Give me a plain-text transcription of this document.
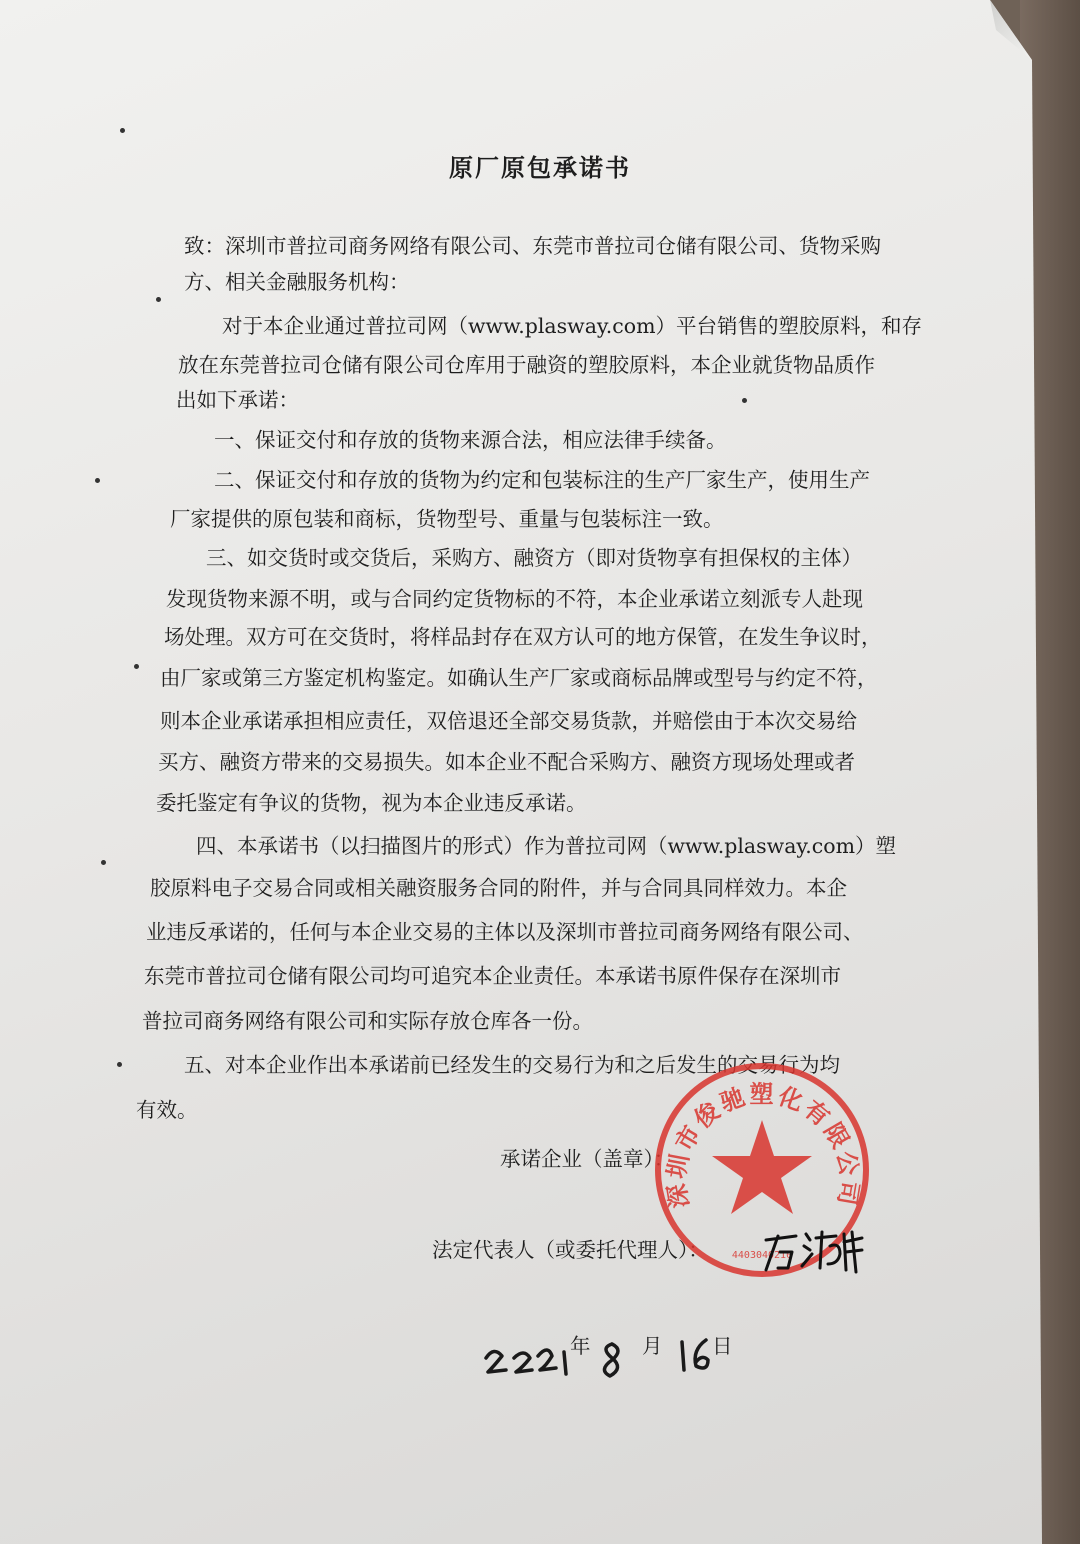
原厂原包承诺书
致：深圳市普拉司商务网络有限公司、东莞市普拉司仓储有限公司、货物采购
方、相关金融服务机构：
对于本企业通过普拉司网（www.plasway.com）平台销售的塑胶原料，和存
放在东莞普拉司仓储有限公司仓库用于融资的塑胶原料，本企业就货物品质作
出如下承诺：
一、保证交付和存放的货物来源合法，相应法律手续备。
二、保证交付和存放的货物为约定和包装标注的生产厂家生产，使用生产
厂家提供的原包装和商标，货物型号、重量与包装标注一致。
三、如交货时或交货后，采购方、融资方（即对货物享有担保权的主体）
发现货物来源不明，或与合同约定货物标的不符，本企业承诺立刻派专人赴现
场处理。双方可在交货时，将样品封存在双方认可的地方保管，在发生争议时，
由厂家或第三方鉴定机构鉴定。如确认生产厂家或商标品牌或型号与约定不符，
则本企业承诺承担相应责任，双倍退还全部交易货款，并赔偿由于本次交易给
买方、融资方带来的交易损失。如本企业不配合采购方、融资方现场处理或者
委托鉴定有争议的货物，视为本企业违反承诺。
四、本承诺书（以扫描图片的形式）作为普拉司网（www.plasway.com）塑
胶原料电子交易合同或相关融资服务合同的附件，并与合同具同样效力。本企
业违反承诺的，任何与本企业交易的主体以及深圳市普拉司商务网络有限公司、
东莞市普拉司仓储有限公司均可追究本企业责任。本承诺书原件保存在深圳市
普拉司商务网络有限公司和实际存放仓库各一份。
五、对本企业作出本承诺前已经发生的交易行为和之后发生的交易行为均
有效。
承诺企业（盖章）：
法定代表人（或委托代理人）：
年	月 日
深圳市俊驰塑化有限公司
4403040210
